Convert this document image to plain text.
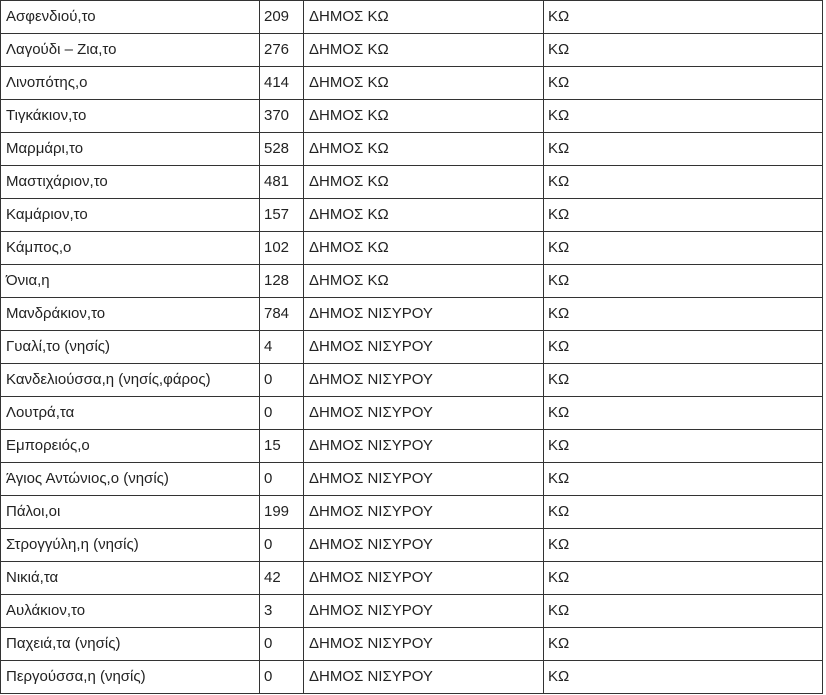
Ασφενδιού,το	209	ΔΗΜΟΣ ΚΩ	ΚΩ
Λαγούδι – Ζια,το	276	ΔΗΜΟΣ ΚΩ	ΚΩ
Λινοπότης,ο	414	ΔΗΜΟΣ ΚΩ	ΚΩ
Τιγκάκιον,το	370	ΔΗΜΟΣ ΚΩ	ΚΩ
Μαρμάρι,το	528	ΔΗΜΟΣ ΚΩ	ΚΩ
Μαστιχάριον,το	481	ΔΗΜΟΣ ΚΩ	ΚΩ
Καμάριον,το	157	ΔΗΜΟΣ ΚΩ	ΚΩ
Κάμπος,ο	102	ΔΗΜΟΣ ΚΩ	ΚΩ
Όνια,η	128	ΔΗΜΟΣ ΚΩ	ΚΩ
Μανδράκιον,το	784	ΔΗΜΟΣ ΝΙΣΥΡΟΥ	ΚΩ
Γυαλί,το (νησίς)	4	ΔΗΜΟΣ ΝΙΣΥΡΟΥ	ΚΩ
Κανδελιούσσα,η (νησίς,φάρος)	0	ΔΗΜΟΣ ΝΙΣΥΡΟΥ	ΚΩ
Λουτρά,τα	0	ΔΗΜΟΣ ΝΙΣΥΡΟΥ	ΚΩ
Εμπορειός,ο	15	ΔΗΜΟΣ ΝΙΣΥΡΟΥ	ΚΩ
Άγιος Αντώνιος,ο (νησίς)	0	ΔΗΜΟΣ ΝΙΣΥΡΟΥ	ΚΩ
Πάλοι,οι	199	ΔΗΜΟΣ ΝΙΣΥΡΟΥ	ΚΩ
Στρογγύλη,η (νησίς)	0	ΔΗΜΟΣ ΝΙΣΥΡΟΥ	ΚΩ
Νικιά,τα	42	ΔΗΜΟΣ ΝΙΣΥΡΟΥ	ΚΩ
Αυλάκιον,το	3	ΔΗΜΟΣ ΝΙΣΥΡΟΥ	ΚΩ
Παχειά,τα (νησίς)	0	ΔΗΜΟΣ ΝΙΣΥΡΟΥ	ΚΩ
Περγούσσα,η (νησίς)	0	ΔΗΜΟΣ ΝΙΣΥΡΟΥ	ΚΩ
